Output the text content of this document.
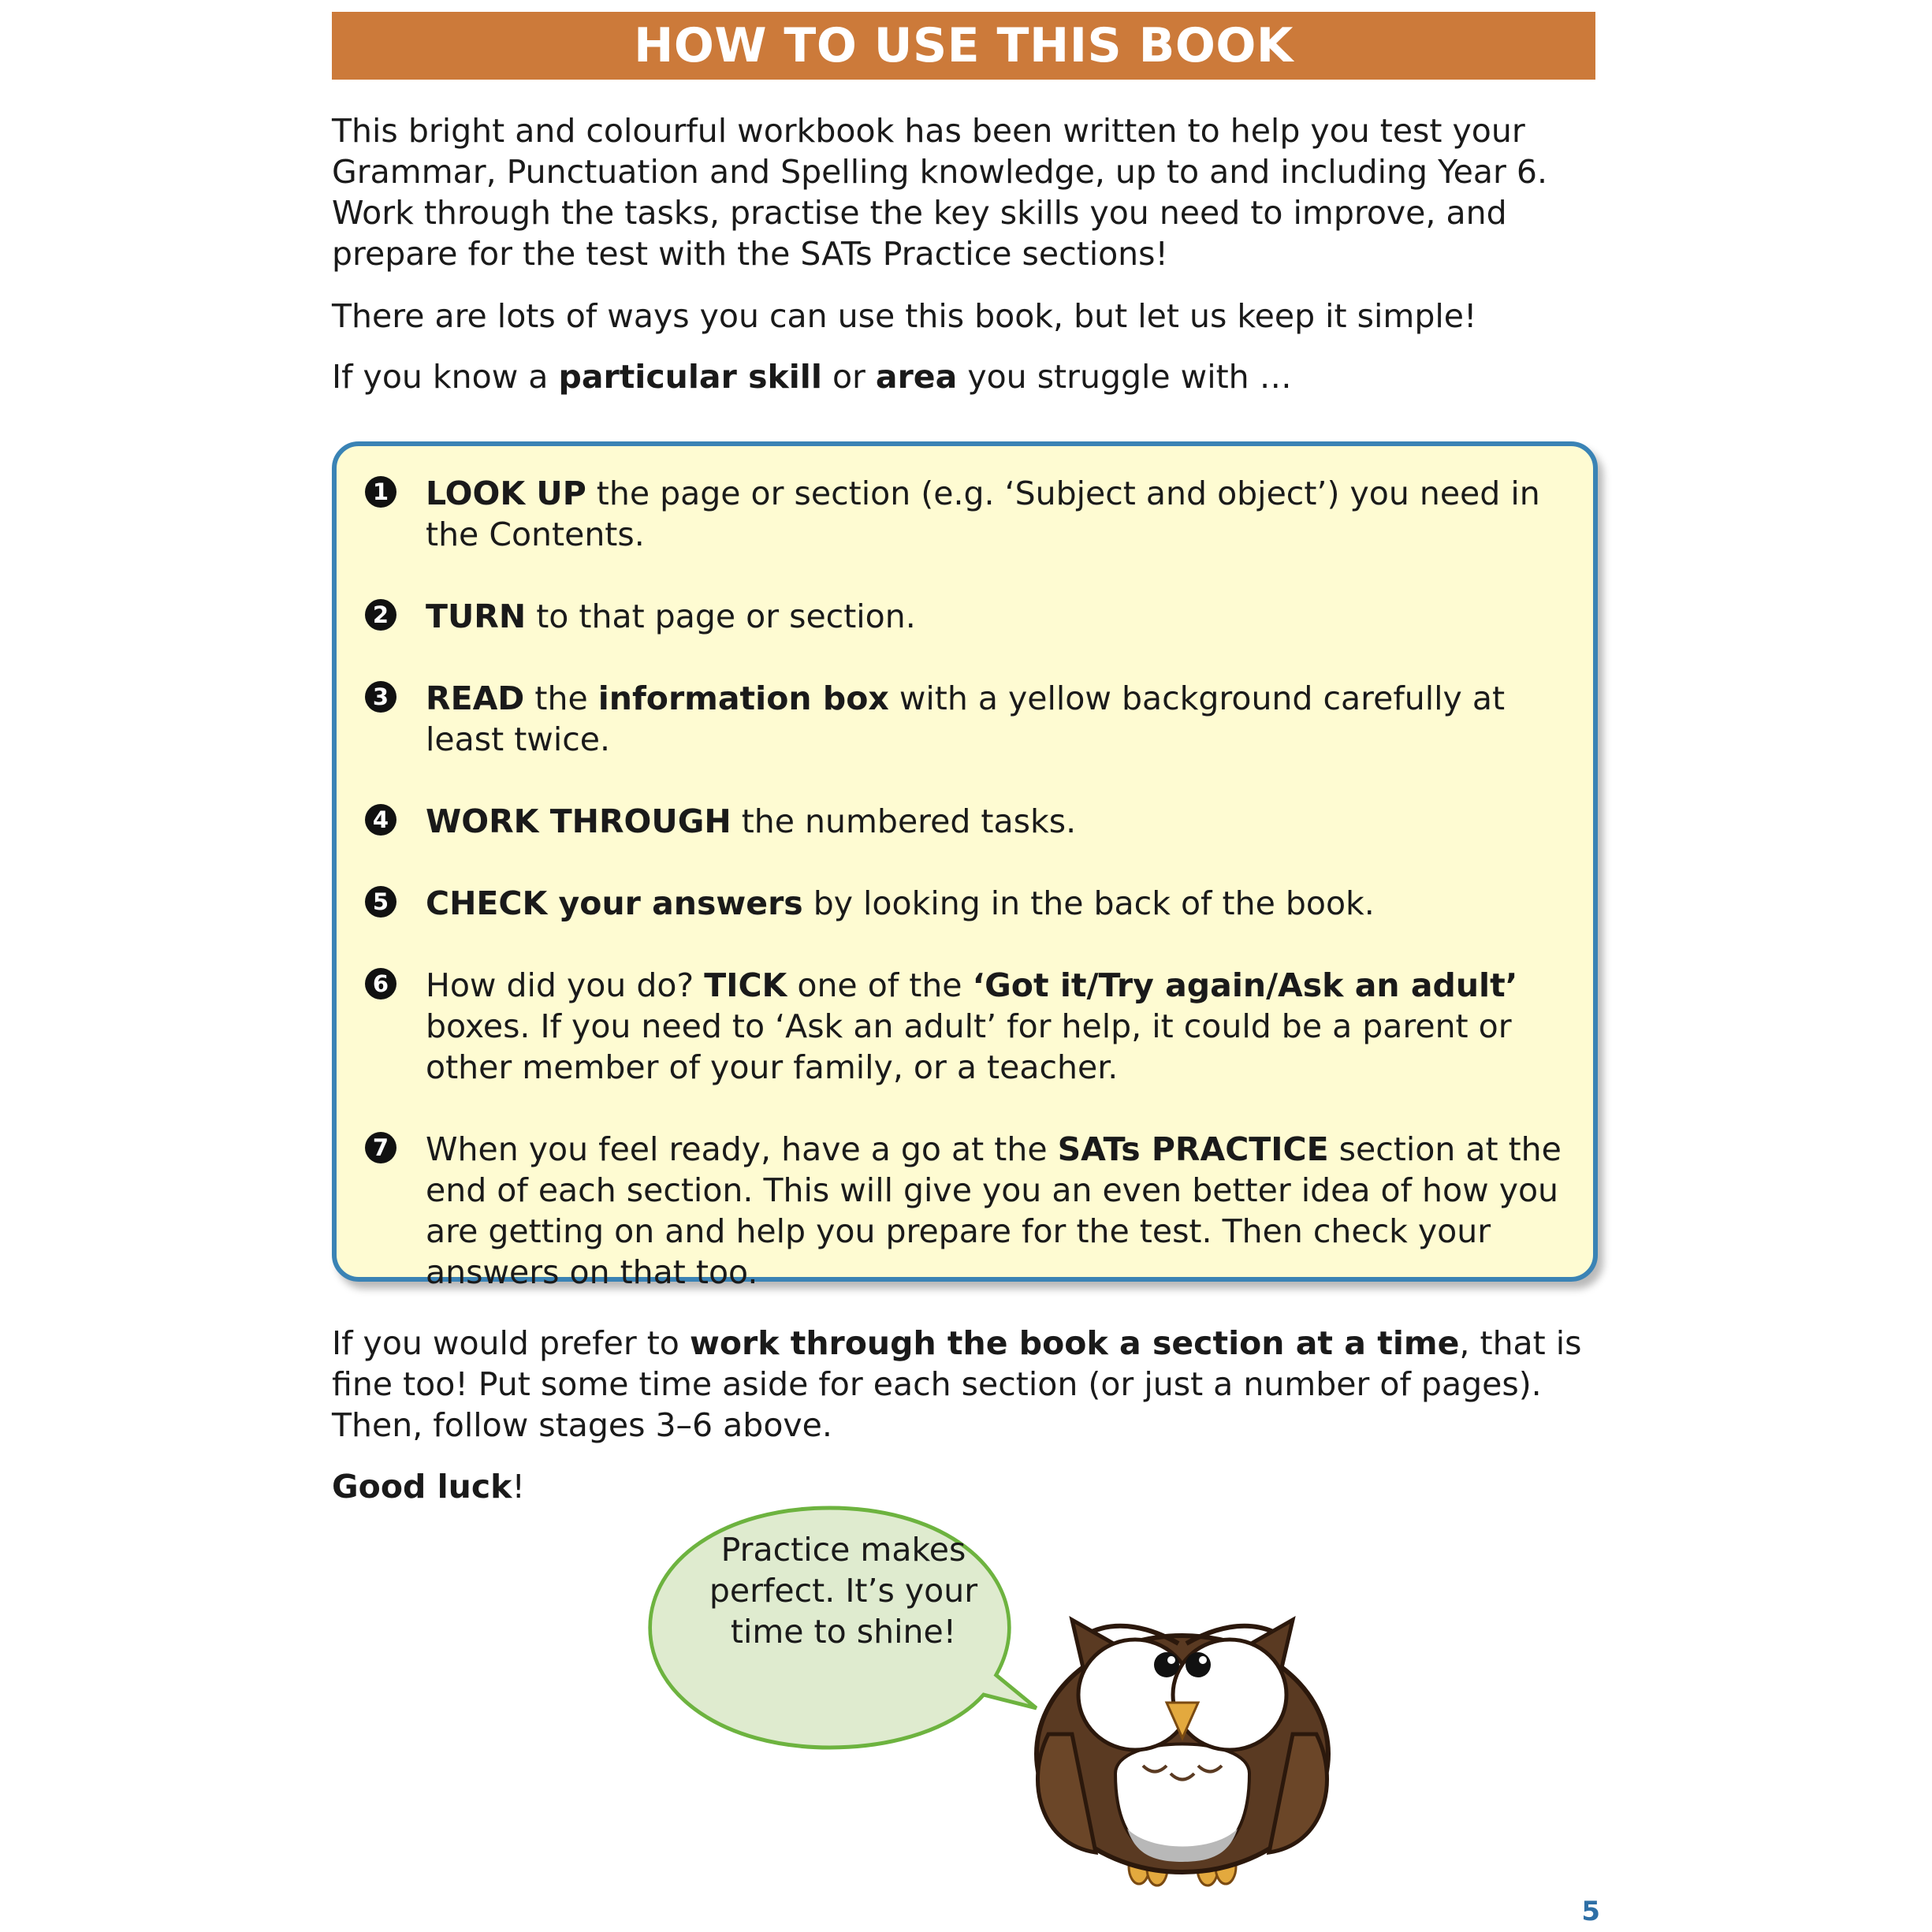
HOW TO USE THIS BOOK

This bright and colourful workbook has been written to help you test your Grammar, Punctuation and Spelling knowledge, up to and including Year 6. Work through the tasks, practise the key skills you need to improve, and prepare for the test with the SATs Practice sections!

There are lots of ways you can use this book, but let us keep it simple!

If you know a particular skill or area you struggle with …

1 LOOK UP the page or section (e.g. ‘Subject and object’) you need in the Contents.
2 TURN to that page or section.
3 READ the information box with a yellow background carefully at least twice.
4 WORK THROUGH the numbered tasks.
5 CHECK your answers by looking in the back of the book.
6 How did you do? TICK one of the ‘Got it/Try again/Ask an adult’ boxes. If you need to ‘Ask an adult’ for help, it could be a parent or other member of your family, or a teacher.
7 When you feel ready, have a go at the SATs PRACTICE section at the end of each section. This will give you an even better idea of how you are getting on and help you prepare for the test. Then check your answers on that too.

If you would prefer to work through the book a section at a time, that is fine too! Put some time aside for each section (or just a number of pages). Then, follow stages 3–6 above.

Good luck!

Practice makes perfect. It’s your time to shine!
5
